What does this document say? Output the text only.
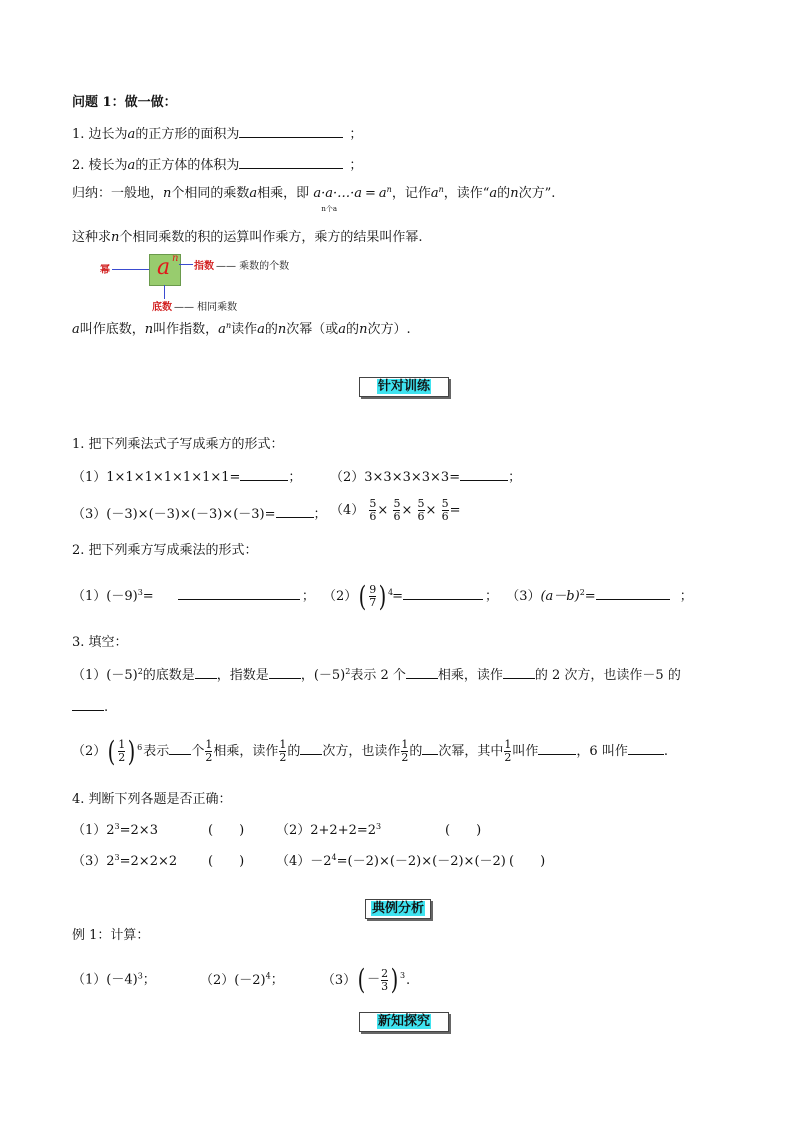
问题 1：做一做：
1. 边长为a的正方形的面积为	；
2. 棱长为a的正方体的体积为	；
归纳：一般地，n个相同的乘数a相乘，即 a·a·…·a
n个a
= $a^n$，记作$a^n$，读作“a的n次方”.
这种求n个相同乘数的积的运算叫作乘方，乘方的结果叫作幂.
幂 a n
指数 —— 乘数的个数
底数 —— 相同乘数
a叫作底数，n叫作指数，$a^n$读作a的n次幂（或a的n次方）.
针对训练
1. 把下列乘法式子写成乘方的形式：
（1）1×1×1×1×1×1×1=	； （2）3×3×3×3×3=	；
（3）(－3)×(－3)×(－3)×(－3)=	； $(4) \frac{5}{6} \times \frac{5}{6} \times \frac{5}{6} \times \frac{5}{6}$ =
2. 把下列乘方写成乘法的形式：
$(1)(-9)^3=$	； （2） ( $\frac{9}{7}$ ) 4 =	； $(3)(a-b)^2=$	；
3. 填空：
$(1)(-5)^2$的底数是 ，指数是 ，$(-5)^2$表示 2 个 相乘，读作 的 2 次方，也读作－5 的
.
（2） ( $\frac{1}{2}$ ) 6 表示 个 $\frac{1}{2}$ 相乘，读作 $\frac{1}{2}$ 的 次方，也读作 $\frac{1}{2}$ 的 次幂，其中 $\frac{1}{2}$ 叫作	，6 叫作	.
4. 判断下列各题是否正确：
$(1)2^3=2\times 3$	(　　) $(2)2+2+2=2^3$	(　　)
$(3)2^3=2\times 2\times 2$ (　　) $(4)-2^4=(-2)\times(-2)\times(-2)\times(-2)$ (　　)
典例分析
例 1：计算：
$(1)(-4)^3$；	$(2)(-2)^4$；	（3） ( － $\frac{2}{3}$ ) 3 .
新知探究
